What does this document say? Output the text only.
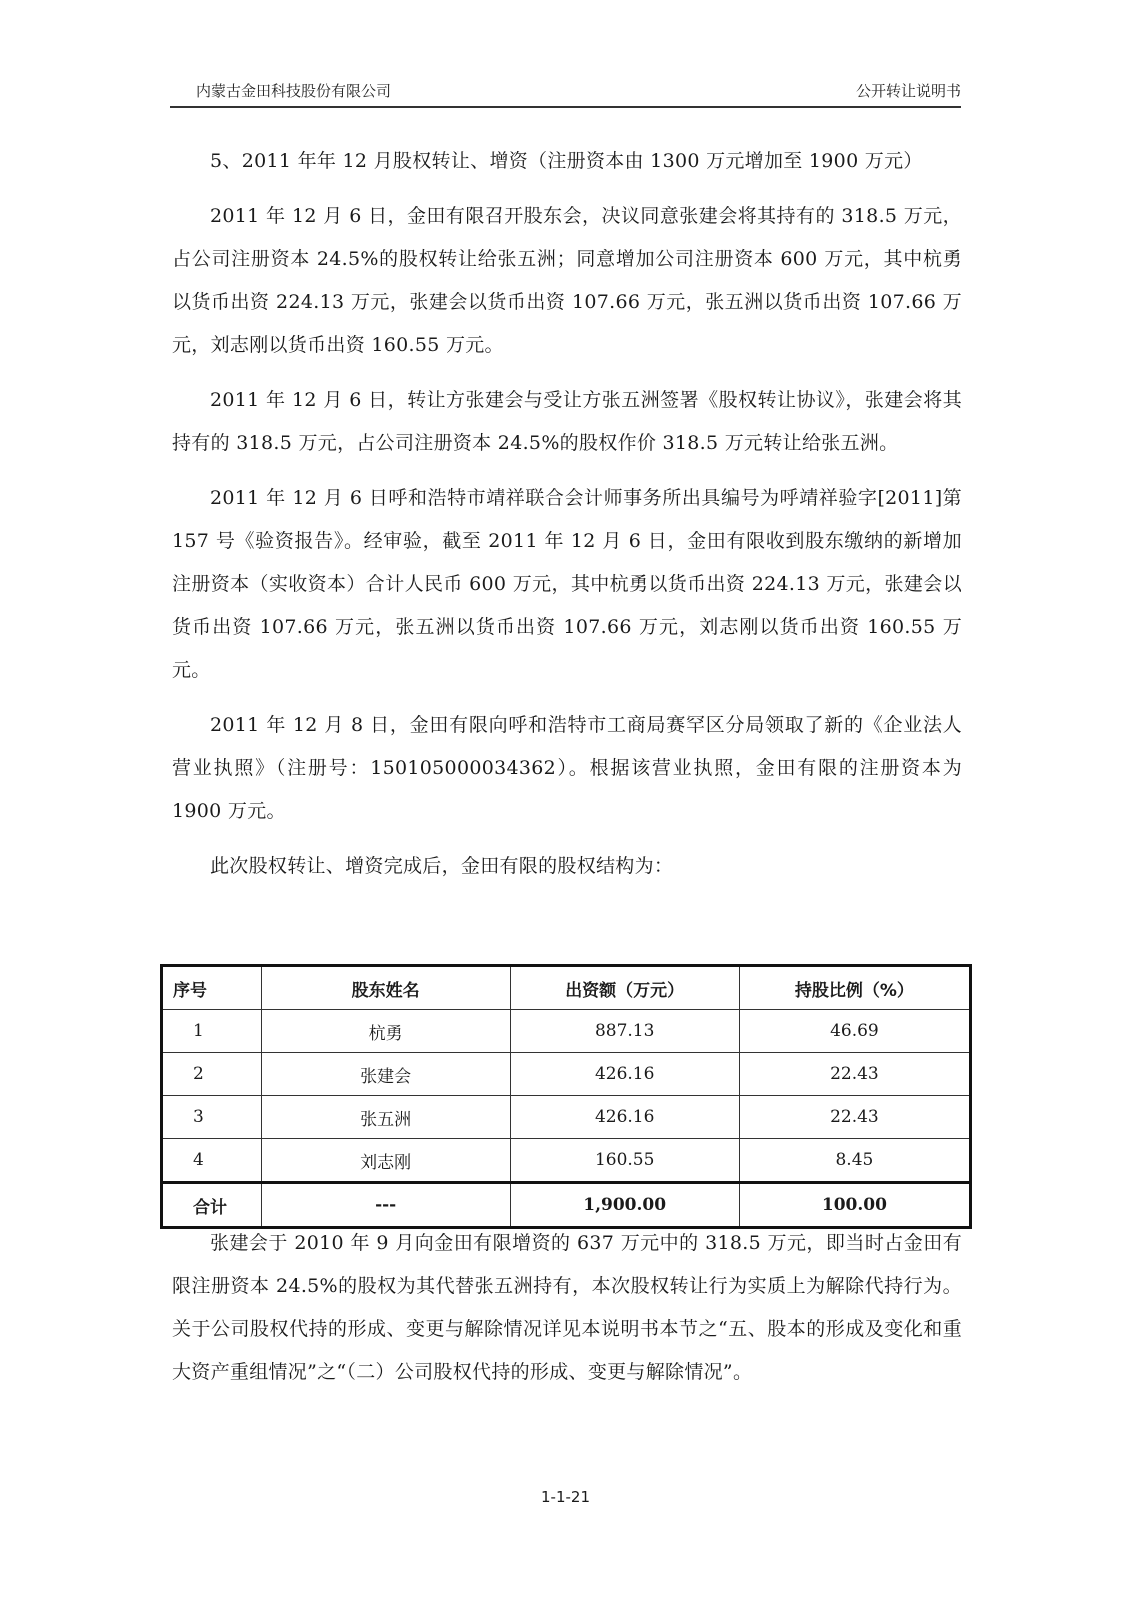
内蒙古金田科技股份有限公司	公开转让说明书

5、2011 年年 12 月股权转让、增资（注册资本由 1300 万元增加至 1900 万元）

2011 年 12 月 6 日，金田有限召开股东会，决议同意张建会将其持有的 318.5 万元，占公司注册资本 24.5%的股权转让给张五洲；同意增加公司注册资本 600 万元，其中杭勇以货币出资 224.13 万元，张建会以货币出资 107.66 万元，张五洲以货币出资 107.66 万元，刘志刚以货币出资 160.55 万元。

2011 年 12 月 6 日，转让方张建会与受让方张五洲签署《股权转让协议》，张建会将其持有的 318.5 万元，占公司注册资本 24.5%的股权作价 318.5 万元转让给张五洲。

2011 年 12 月 6 日呼和浩特市靖祥联合会计师事务所出具编号为呼靖祥验字[2011]第 157 号《验资报告》。经审验，截至 2011 年 12 月 6 日，金田有限收到股东缴纳的新增加注册资本（实收资本）合计人民币 600 万元，其中杭勇以货币出资 224.13 万元，张建会以货币出资 107.66 万元，张五洲以货币出资 107.66 万元，刘志刚以货币出资 160.55 万元。

2011 年 12 月 8 日，金田有限向呼和浩特市工商局赛罕区分局领取了新的《企业法人营业执照》（注册号：150105000034362）。根据该营业执照，金田有限的注册资本为 1900 万元。

此次股权转让、增资完成后，金田有限的股权结构为：

序号	股东姓名	出资额（万元）	持股比例（%）
1	杭勇	887.13	46.69
2	张建会	426.16	22.43
3	张五洲	426.16	22.43
4	刘志刚	160.55	8.45
合计	---	1,900.00	100.00

张建会于 2010 年 9 月向金田有限增资的 637 万元中的 318.5 万元，即当时占金田有限注册资本 24.5%的股权为其代替张五洲持有，本次股权转让行为实质上为解除代持行为。关于公司股权代持的形成、变更与解除情况详见本说明书本节之“五、股本的形成及变化和重大资产重组情况”之“（二）公司股权代持的形成、变更与解除情况”。

1-1-21
